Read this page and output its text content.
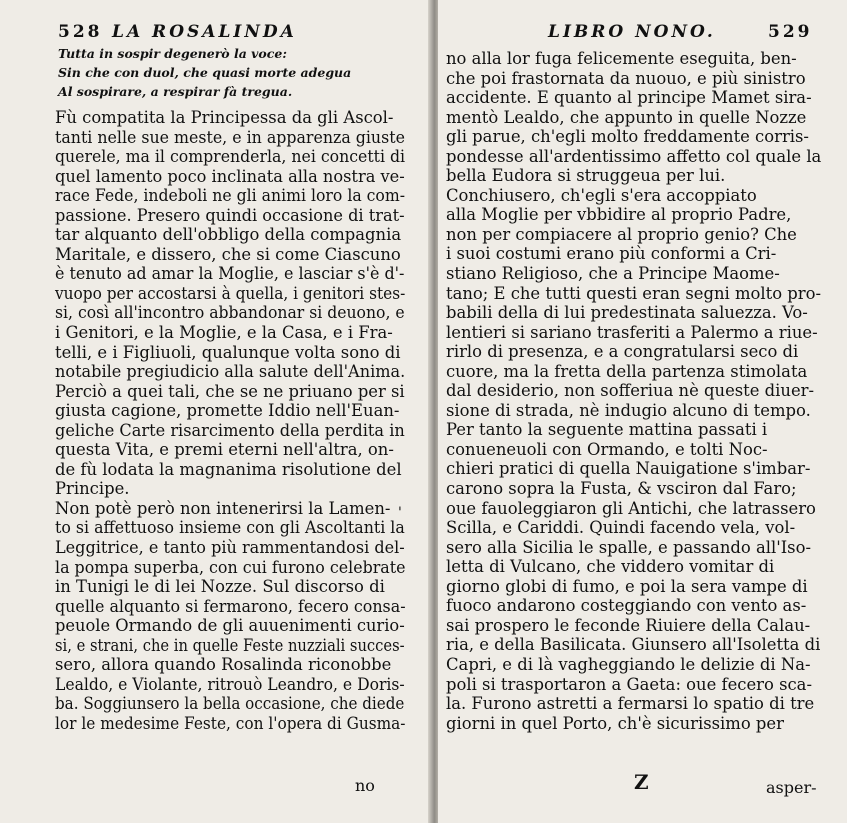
528 LA ROSALINDA
Tutta in sospir degenerò la voce:
Sin che con duol, che quasi morte adegua
Al sospirare, a respirar fà tregua.
Fù compatita la Principessa da gli Ascol-
tanti nelle sue meste, e in apparenza giuste
querele, ma il comprenderla, nei concetti di
quel lamento poco inclinata alla nostra ve-
race Fede, indeboli ne gli animi loro la com-
passione. Presero quindi occasione di trat-
tar alquanto dell'obbligo della compagnia
Maritale, e dissero, che si come Ciascuno
è tenuto ad amar la Moglie, e lasciar s'è d'-
vuopo per accostarsi à quella, i genitori stes-
si, così all'incontro abbandonar si deuono, e
i Genitori, e la Moglie, e la Casa, e i Fra-
telli, e i Figliuoli, qualunque volta sono di
notabile pregiudicio alla salute dell'Anima.
Perciò a quei tali, che se ne priuano per si
giusta cagione, promette Iddio nell'Euan-
geliche Carte risarcimento della perdita in
questa Vita, e premi eterni nell'altra, on-
de fù lodata la magnanima risolutione del
Principe.
Non potè però non intenerirsi la Lamen-
to si affettuoso insieme con gli Ascoltanti la
Leggitrice, e tanto più rammentandosi del-
la pompa superba, con cui furono celebrate
in Tunigi le di lei Nozze. Sul discorso di
quelle alquanto si fermarono, fecero consa-
peuole Ormando de gli auuenimenti curio-
si, e strani, che in quelle Feste nuzziali succes-
sero, allora quando Rosalinda riconobbe
Lealdo, e Violante, ritrouò Leandro, e Doris-
ba. Soggiunsero la bella occasione, che diede
lor le medesime Feste, con l'opera di Gusma-
'
no
LIBRO NONO.	529
no alla lor fuga felicemente eseguita, ben-
che poi frastornata da nuouo, e più sinistro
accidente. E quanto al principe Mamet sira-
mentò Lealdo, che appunto in quelle Nozze
gli parue, ch'egli molto freddamente corris-
pondesse all'ardentissimo affetto col quale la
bella Eudora si struggeua per lui.
Conchiusero, ch'egli s'era accoppiato
alla Moglie per vbbidire al proprio Padre,
non per compiacere al proprio genio? Che
i suoi costumi erano più conformi a Cri-
stiano Religioso, che a Principe Maome-
tano; E che tutti questi eran segni molto pro-
babili della di lui predestinata saluezza. Vo-
lentieri si sariano trasferiti a Palermo a riue-
rirlo di presenza, e a congratularsi seco di
cuore, ma la fretta della partenza stimolata
dal desiderio, non sofferiua nè queste diuer-
sione di strada, nè indugio alcuno di tempo.
Per tanto la seguente mattina passati i
conueneuoli con Ormando, e tolti Noc-
chieri pratici di quella Nauigatione s'imbar-
carono sopra la Fusta, & vsciron dal Faro;
oue fauoleggiaron gli Antichi, che latrassero
Scilla, e Cariddi. Quindi facendo vela, vol-
sero alla Sicilia le spalle, e passando all'Iso-
letta di Vulcano, che viddero vomitar di
giorno globi di fumo, e poi la sera vampe di
fuoco andarono costeggiando con vento as-
sai prospero le feconde Riuiere della Calau-
ria, e della Basilicata. Giunsero all'Isoletta di
Capri, e di là vagheggiando le delizie di Na-
poli si trasportaron a Gaeta: oue fecero sca-
la. Furono astretti a fermarsi lo spatio di tre
giorni in quel Porto, ch'è sicurissimo per
Z	asper-
